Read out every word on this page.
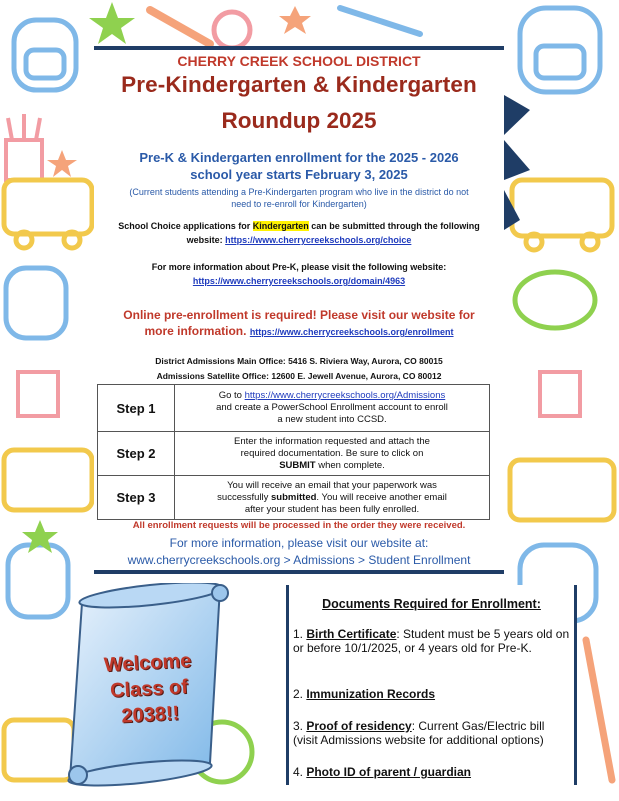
CHERRY CREEK SCHOOL DISTRICT
Pre-Kindergarten & Kindergarten
Roundup 2025
Pre-K & Kindergarten enrollment for the 2025 - 2026
school year starts February 3, 2025
(Current students attending a Pre-Kindergarten program who live in the district do not
need to re-enroll for Kindergarten)
School Choice applications for Kindergarten can be submitted through the following
website: https://www.cherrycreekschools.org/choice
For more information about Pre-K, please visit the following website:
https://www.cherrycreekschools.org/domain/4963
Online pre-enrollment is required! Please visit our website for
more information. https://www.cherrycreekschools.org/enrollment
District Admissions Main Office: 5416 S. Riviera Way, Aurora, CO 80015
Admissions Satellite Office: 12600 E. Jewell Avenue, Aurora, CO 80012
Step 1	Go to https://www.cherrycreekschools.org/Admissions
and create a PowerSchool Enrollment account to enroll
a new student into CCSD.

Step 2	Enter the information requested and attach the
required documentation. Be sure to click on
SUBMIT when complete.

Step 3	You will receive an email that your paperwork was
successfully submitted. You will receive another email
after your student has been fully enrolled.
All enrollment requests will be processed in the order they were received.
For more information, please visit our website at:
www.cherrycreekschools.org > Admissions > Student Enrollment
Welcome
Class of
2038!!
Documents Required for Enrollment:
1. Birth Certificate: Student must be 5 years old on or before 10/1/2025, or 4 years old for Pre-K.
2. Immunization Records
3. Proof of residency: Current Gas/Electric bill (visit Admissions website for additional options)
4. Photo ID of parent / guardian
